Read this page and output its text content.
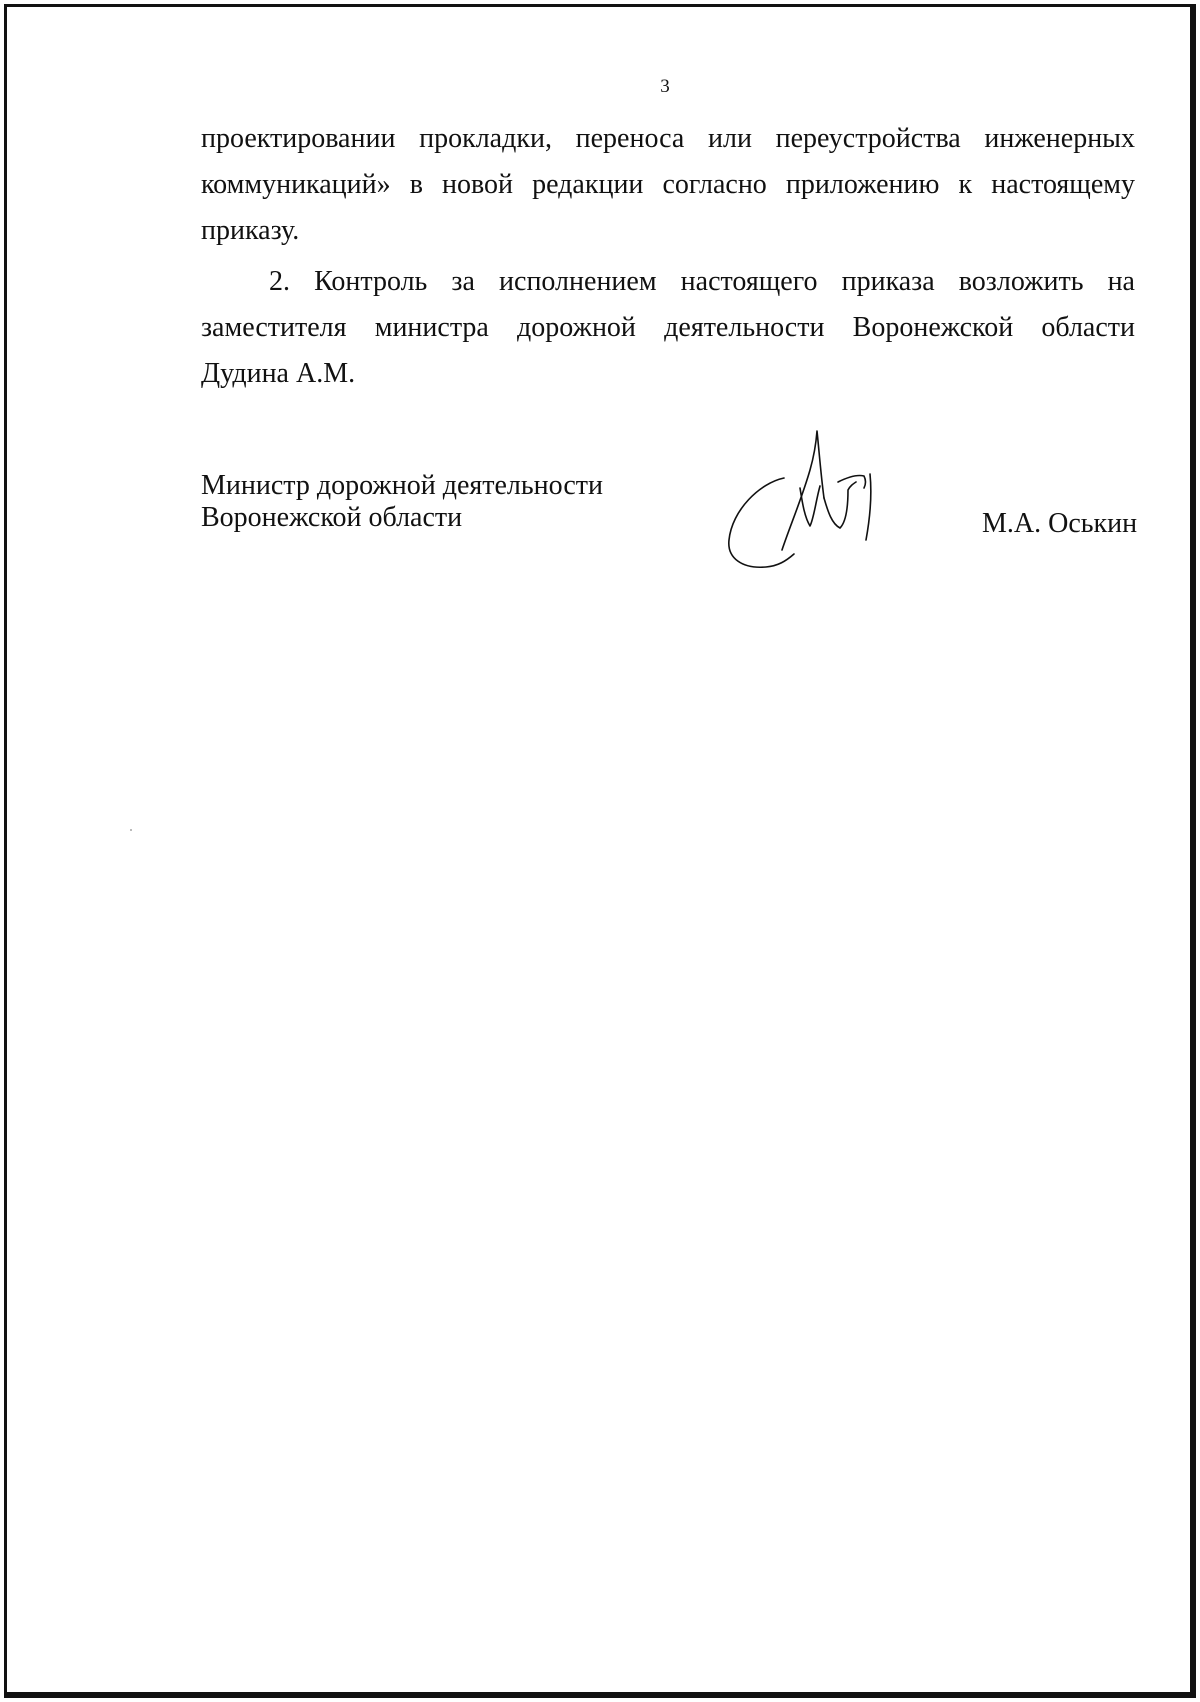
3
проектировании прокладки, переноса или переустройства инженерных
коммуникаций» в новой редакции согласно приложению к настоящему
приказу.
2. Контроль за исполнением настоящего приказа возложить на
заместителя министра дорожной деятельности Воронежской области
Дудина А.М.
Министр дорожной деятельности
Воронежской области	М.А. Оськин
